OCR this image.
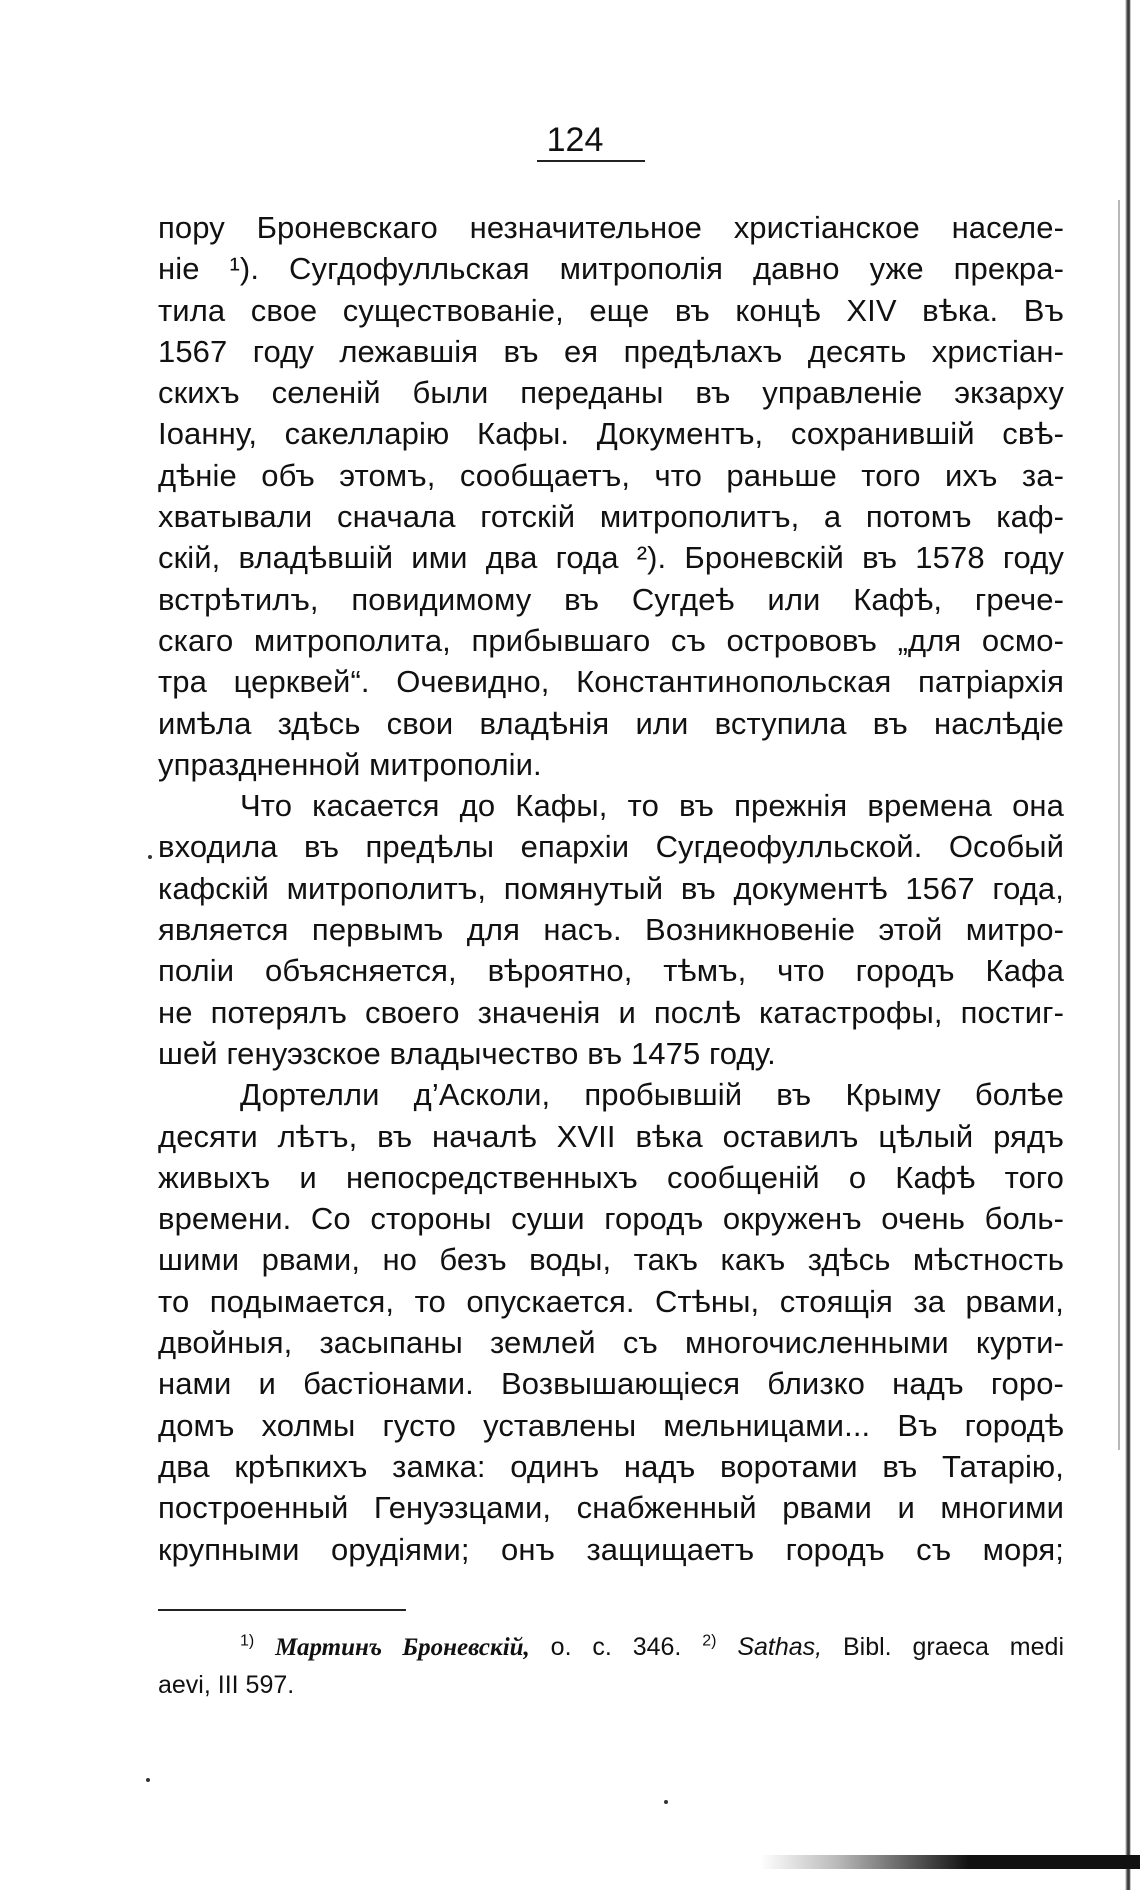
124

пору Броневскаго незначительное христіанское населе-
ніе ¹). Сугдофулльская митрополія давно уже прекра-
тила свое существованіе, еще въ концѣ XIV вѣка. Въ
1567 году лежавшія въ ея предѣлахъ десять христіан-
скихъ селеній были переданы въ управленіе экзарху
Іоанну, сакелларію Кафы. Документъ, сохранившій свѣ-
дѣніе объ этомъ, сообщаетъ, что раньше того ихъ за-
хватывали сначала готскій митрополитъ, а потомъ каф-
скій, владѣвшій ими два года ²). Броневскій въ 1578 году
встрѣтилъ, повидимому въ Сугдеѣ или Кафѣ, грече-
скаго митрополита, прибывшаго съ острововъ „для осмо-
тра церквей“. Очевидно, Константинопольская патріархія
имѣла здѣсь свои владѣнія или вступила въ наслѣдіе
упраздненной митрополіи.

Что касается до Кафы, то въ прежнія времена она
входила въ предѣлы епархіи Сугдеофулльской. Особый
кафскій митрополитъ, помянутый въ документѣ 1567 года,
является первымъ для насъ. Возникновеніе этой митро-
поліи объясняется, вѣроятно, тѣмъ, что городъ Кафа
не потерялъ своего значенія и послѣ катастрофы, постиг-
шей генуэзское владычество въ 1475 году.

Дортелли д’Асколи, пробывшій въ Крыму болѣе
десяти лѣтъ, въ началѣ XVII вѣка оставилъ цѣлый рядъ
живыхъ и непосредственныхъ сообщеній о Кафѣ того
времени. Со стороны суши городъ окруженъ очень боль-
шими рвами, но безъ воды, такъ какъ здѣсь мѣстность
то подымается, то опускается. Стѣны, стоящія за рвами,
двойныя, засыпаны землей съ многочисленными курти-
нами и бастіонами. Возвышающіеся близко надъ горо-
домъ холмы густо уставлены мельницами... Въ городѣ
два крѣпкихъ замка: одинъ надъ воротами въ Татарію,
построенный Генуэзцами, снабженный рвами и многими
крупными орудіями; онъ защищаетъ городъ съ моря;

$^{1)}$ Мартинъ Броневскій, о. с. 346. $^{2)}$ Sathas, Bibl. graeca medi
aevi, III 597.
